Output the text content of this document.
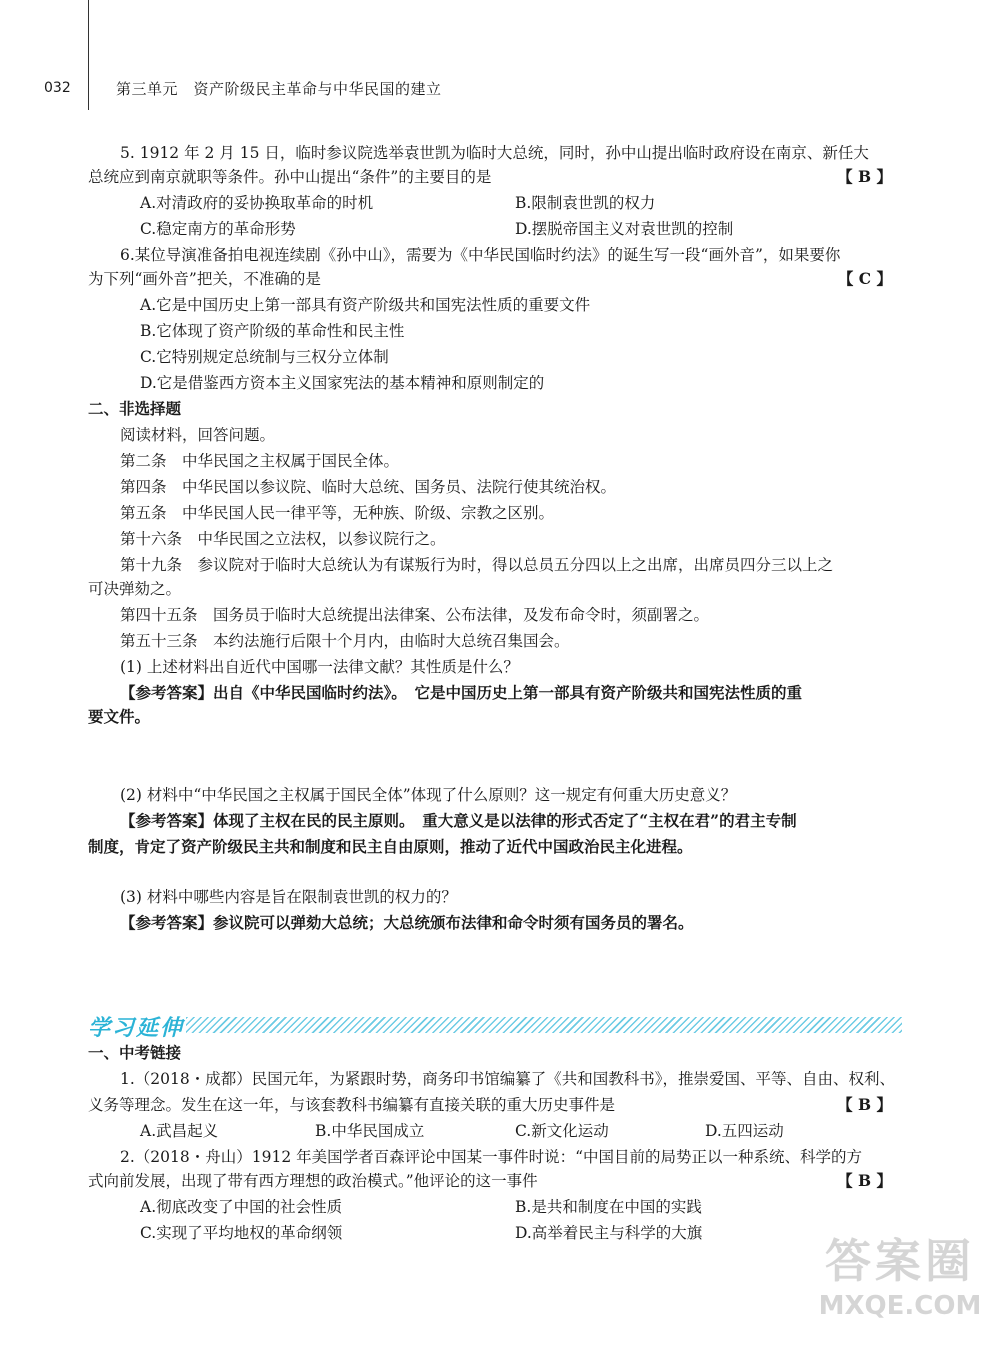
032	第三单元　资产阶级民主革命与中华民国的建立
5. 1912 年 2 月 15 日，临时参议院选举袁世凯为临时大总统，同时，孙中山提出临时政府设在南京、新任大
总统应到南京就职等条件。孙中山提出“条件”的主要目的是	【 B 】
A.对清政府的妥协换取革命的时机	B.限制袁世凯的权力
C.稳定南方的革命形势	D.摆脱帝国主义对袁世凯的控制
6.某位导演准备拍电视连续剧《孙中山》，需要为《中华民国临时约法》的诞生写一段“画外音”，如果要你
为下列“画外音”把关，不准确的是	【 C 】
A.它是中国历史上第一部具有资产阶级共和国宪法性质的重要文件
B.它体现了资产阶级的革命性和民主性
C.它特别规定总统制与三权分立体制
D.它是借鉴西方资本主义国家宪法的基本精神和原则制定的
二、非选择题
阅读材料，回答问题。
第二条　中华民国之主权属于国民全体。
第四条　中华民国以参议院、临时大总统、国务员、法院行使其统治权。
第五条　中华民国人民一律平等，无种族、阶级、宗教之区别。
第十六条　中华民国之立法权，以参议院行之。
第十九条　参议院对于临时大总统认为有谋叛行为时，得以总员五分四以上之出席，出席员四分三以上之
可决弹劾之。
第四十五条　国务员于临时大总统提出法律案、公布法律，及发布命令时，须副署之。
第五十三条　本约法施行后限十个月内，由临时大总统召集国会。
(1) 上述材料出自近代中国哪一法律文献？其性质是什么？
【参考答案】出自《中华民国临时约法》。　它是中国历史上第一部具有资产阶级共和国宪法性质的重
要文件。
(2) 材料中“中华民国之主权属于国民全体”体现了什么原则？这一规定有何重大历史意义？
【参考答案】体现了主权在民的民主原则。　重大意义是以法律的形式否定了“主权在君”的君主专制
制度，肯定了资产阶级民主共和制度和民主自由原则，推动了近代中国政治民主化进程。
(3) 材料中哪些内容是旨在限制袁世凯的权力的？
【参考答案】参议院可以弹劾大总统；大总统颁布法律和命令时须有国务员的署名。
学习延伸
一、中考链接
1.（2018・成都）民国元年，为紧跟时势，商务印书馆编纂了《共和国教科书》，推崇爱国、平等、自由、权利、
义务等理念。发生在这一年，与该套教科书编纂有直接关联的重大历史事件是	【 B 】
A.武昌起义	B.中华民国成立	C.新文化运动	D.五四运动
2.（2018・舟山）1912 年美国学者百森评论中国某一事件时说：“中国目前的局势正以一种系统、科学的方
式向前发展，出现了带有西方理想的政治模式。”他评论的这一事件	【 B 】
A.彻底改变了中国的社会性质	B.是共和制度在中国的实践
C.实现了平均地权的革命纲领	D.高举着民主与科学的大旗
答案圈
MXQE.COM
